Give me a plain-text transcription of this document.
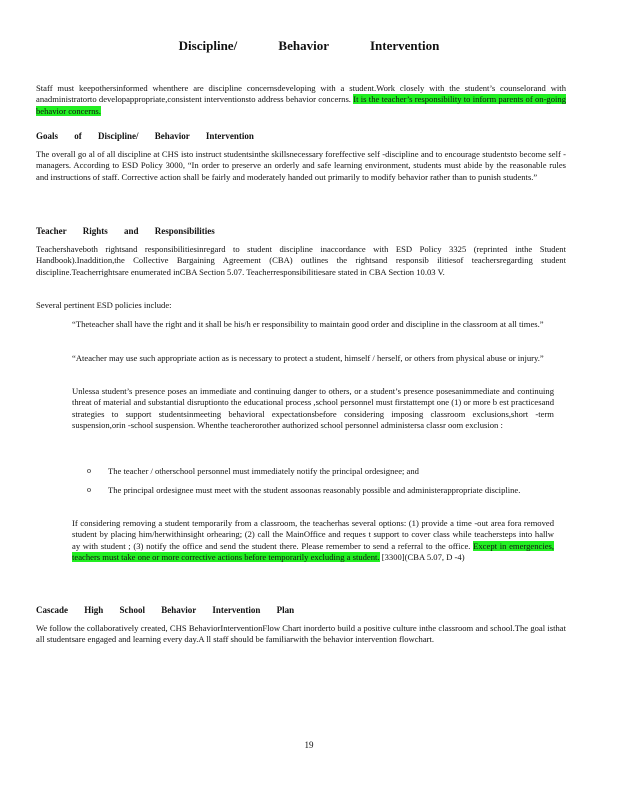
Discipline/ Behavior Intervention
Staff must keepothersinformed whenthere are discipline concernsdeveloping with a student.Work closely with the student’s counselorand with anadministratorto developappropriate,consistent interventionsto address behavior concerns. It is the teacher’s responsibility to inform parents of on-going behavior concerns.
Goals of Discipline/ Behavior Intervention
The overall go al of all discipline at CHS isto instruct studentsinthe skillsnecessary foreffective self -discipline and to encourage studentsto become self -managers. According to ESD Policy 3000, “In order to preserve an orderly and safe learning environment, students must abide by the reasonable rules and instructions of staff. Corrective action shall be fairly and moderately handed out primarily to modify behavior rather than to punish students.”
Teacher Rights and Responsibilities
Teachershaveboth rightsand responsibilitiesinregard to student discipline inaccordance with ESD Policy 3325 (reprinted inthe Student Handbook).Inaddition,the Collective Bargaining Agreement (CBA) outlines the rightsand responsib ilitiesof teachersregarding student discipline.Teacherrightsare enumerated inCBA Section 5.07. Teacherresponsibilitiesare stated in CBA Section 10.03 V.
Several pertinent ESD policies include:
“Theteacher shall have the right and it shall be his/h er responsibility to maintain good order and discipline in the classroom at all times.”
“Ateacher may use such appropriate action as is necessary to protect a student, himself / herself, or others from physical abuse or injury.”
Unlessa student’s presence poses an immediate and continuing danger to others, or a student’s presence posesanimmediate and continuing threat of material and substantial disruptionto the educational process ,school personnel must firstattempt one (1) or more b est practicesand strategies to support studentsinmeeting behavioral expectationsbefore considering imposing classroom exclusions,short -term suspension,orin -school suspension. Whenthe teacherorother authorized school personnel administersa classr oom exclusion :
o	The teacher / otherschool personnel must immediately notify the principal ordesignee; and
o	The principal ordesignee must meet with the student assoonas reasonably possible and administerappropriate discipline.
If considering removing a student temporarily from a classroom, the teacherhas several options: (1) provide a time -out area fora removed student by placing him/herwithinsight orhearing; (2) call the MainOffice and reques t support to cover class while teachersteps into hallw ay with student ; (3) notify the office and send the student there. Please remember to send a referral to the office. Except in emergencies, teachers must take one or more corrective actions before temporarily excluding a student. [3300](CBA 5.07, D -4)
Cascade High School Behavior Intervention Plan
We follow the collaboratively created, CHS BehaviorInterventionFlow Chart inorderto build a positive culture inthe classroom and school.The goal isthat all studentsare engaged and learning every day.A ll staff should be familiarwith the behavior intervention flowchart.
19
